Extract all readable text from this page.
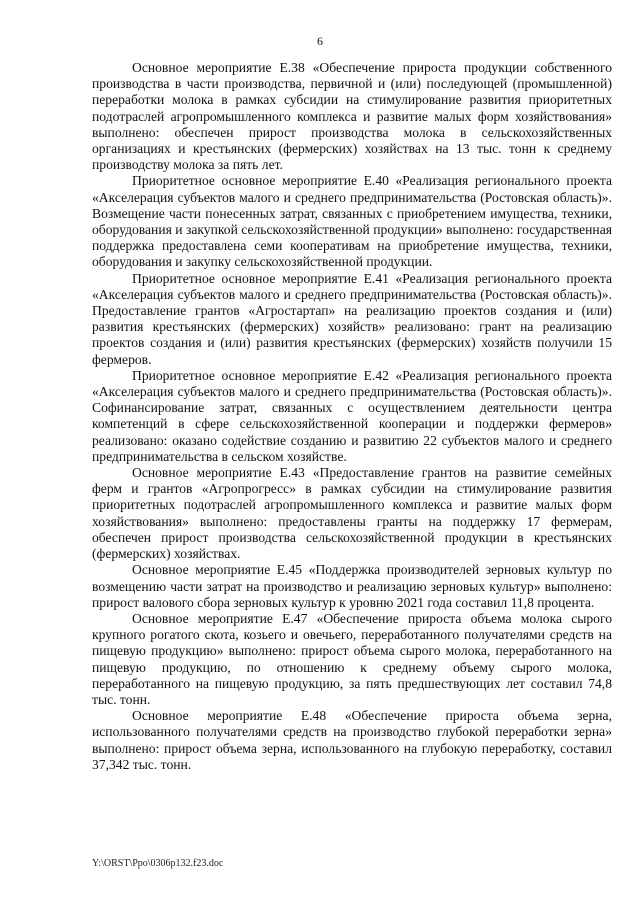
6

Основное мероприятие Е.38 «Обеспечение прироста продукции собственного производства в части производства, первичной и (или) последующей (промышленной) переработки молока в рамках субсидии на стимулирование развития приоритетных подотраслей агропромышленного комплекса и развитие малых форм хозяйствования» выполнено: обеспечен прирост производства молока в сельскохозяйственных организациях и крестьянских (фермерских) хозяйствах на 13 тыс. тонн к среднему производству молока за пять лет.

Приоритетное основное мероприятие Е.40 «Реализация регионального проекта «Акселерация субъектов малого и среднего предпринимательства (Ростовская область)». Возмещение части понесенных затрат, связанных с приобретением имущества, техники, оборудования и закупкой сельскохозяйственной продукции» выполнено: государственная поддержка предоставлена семи кооперативам на приобретение имущества, техники, оборудования и закупку сельскохозяйственной продукции.

Приоритетное основное мероприятие Е.41 «Реализация регионального проекта «Акселерация субъектов малого и среднего предпринимательства (Ростовская область)». Предоставление грантов «Агростартап» на реализацию проектов создания и (или) развития крестьянских (фермерских) хозяйств» реализовано: грант на реализацию проектов создания и (или) развития крестьянских (фермерских) хозяйств получили 15 фермеров.

Приоритетное основное мероприятие Е.42 «Реализация регионального проекта «Акселерация субъектов малого и среднего предпринимательства (Ростовская область)». Софинансирование затрат, связанных с осуществлением деятельности центра компетенций в сфере сельскохозяйственной кооперации и поддержки фермеров» реализовано: оказано содействие созданию и развитию 22 субъектов малого и среднего предпринимательства в сельском хозяйстве.

Основное мероприятие Е.43 «Предоставление грантов на развитие семейных ферм и грантов «Агропрогресс» в рамках субсидии на стимулирование развития приоритетных подотраслей агропромышленного комплекса и развитие малых форм хозяйствования» выполнено: предоставлены гранты на поддержку 17 фермерам, обеспечен прирост производства сельскохозяйственной продукции в крестьянских (фермерских) хозяйствах.

Основное мероприятие Е.45 «Поддержка производителей зерновых культур по возмещению части затрат на производство и реализацию зерновых культур» выполнено: прирост валового сбора зерновых культур к уровню 2021 года составил 11,8 процента.

Основное мероприятие Е.47 «Обеспечение прироста объема молока сырого крупного рогатого скота, козьего и овечьего, переработанного получателями средств на пищевую продукцию» выполнено: прирост объема сырого молока, переработанного на пищевую продукцию, по отношению к среднему объему сырого молока, переработанного на пищевую продукцию, за пять предшествующих лет составил 74,8 тыс. тонн.

Основное мероприятие Е.48 «Обеспечение прироста объема зерна, использованного получателями средств на производство глубокой переработки зерна» выполнено: прирост объема зерна, использованного на глубокую переработку, составил 37,342 тыс. тонн.

Y:\ORST\Ppo\0306p132.f23.doc
